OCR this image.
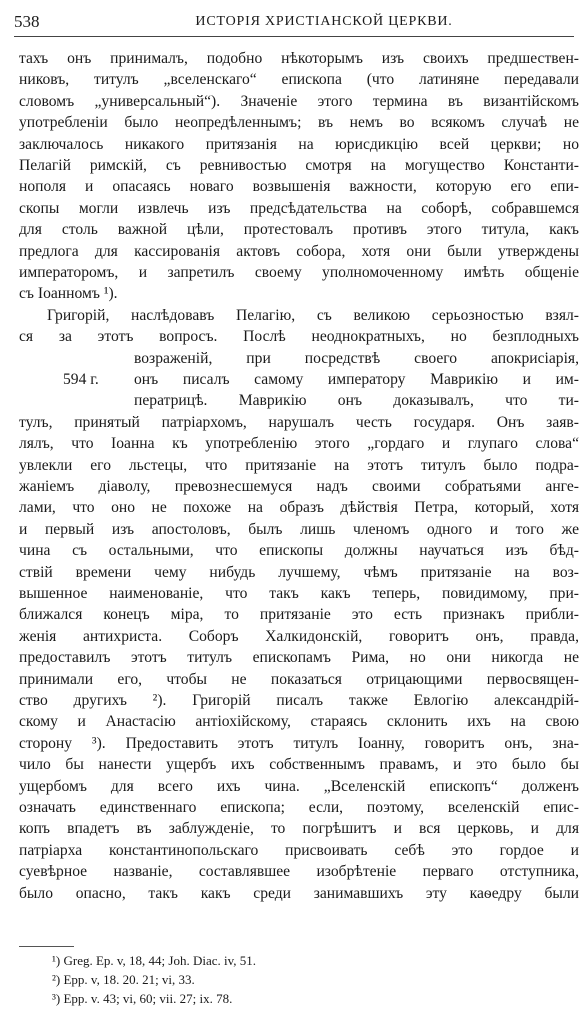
538	ИСТОРІЯ ХРИСТІАНСКОЙ ЦЕРКВИ.
тахъ онъ принималъ, подобно нѣкоторымъ изъ своихъ предшествен-
никовъ, титулъ „вселенскаго“ епископа (что латиняне передавали
словомъ „универсальный“). Значеніе этого термина въ византійскомъ
употребленіи было неопредѣленнымъ; въ немъ во всякомъ случаѣ не
заключалось никакого притязанія на юрисдикцію всей церкви; но
Пелагій римскій, съ ревнивостью смотря на могущество Константи-
нополя и опасаясь новаго возвышенія важности, которую его епи-
скопы могли извлечь изъ предсѣдательства на соборѣ, собравшемся
для столь важной цѣли, протестовалъ противъ этого титула, какъ
предлога для кассированія актовъ собора, хотя они были утверждены
императоромъ, и запретилъ своему уполномоченному имѣть общеніе
съ Іоанномъ ¹).
Григорій, наслѣдовавъ Пелагію, съ великою серьозностью взял-
ся за этотъ вопросъ. Послѣ неоднократныхъ, но безплодныхъ
возраженій, при посредствѣ своего апокрисіарія,
онъ писалъ самому императору Маврикію и им-
ператрицѣ. Маврикію онъ доказывалъ, что ти-
тулъ, принятый патріархомъ, нарушалъ честь государя. Онъ заяв-
лялъ, что Іоанна къ употребленію этого „гордаго и глупаго слова“
увлекли его льстецы, что притязаніе на этотъ титулъ было подра-
жаніемъ діаволу, превознесшемуся надъ своими собратьями анге-
лами, что оно не похоже на образъ дѣйствія Петра, который, хотя
и первый изъ апостоловъ, былъ лишь членомъ одного и того же
чина съ остальными, что епископы должны научаться изъ бѣд-
ствій времени чему нибудь лучшему, чѣмъ притязаніе на воз-
вышенное наименованіе, что такъ какъ теперь, повидимому, при-
ближался конецъ міра, то притязаніе это есть признакъ прибли-
женія антихриста. Соборъ Халкидонскій, говоритъ онъ, правда,
предоставилъ этотъ титулъ епископамъ Рима, но они никогда не
принимали его, чтобы не показаться отрицающими первосвящен-
ство другихъ ²). Григорій писалъ также Евлогію александрій-
скому и Анастасію антіохійскому, стараясь склонить ихъ на свою
сторону ³). Предоставить этотъ титулъ Іоанну, говоритъ онъ, зна-
чило бы нанести ущербъ ихъ собственнымъ правамъ, и это было бы
ущербомъ для всего ихъ чина. „Вселенскій епископъ“ долженъ
означать единственнаго епископа; если, поэтому, вселенскій епис-
копъ впадетъ въ заблужденіе, то погрѣшитъ и вся церковь, и для
патріарха константинопольскаго присвоивать себѣ это гордое и
суевѣрное названіе, составлявшее изобрѣтеніе перваго отступника,
было опасно, такъ какъ среди занимавшихъ эту каѳедру были
594 г.
¹) Greg. Ep. v, 18, 44; Joh. Diac. iv, 51.
²) Epp. v, 18. 20. 21; vi, 33.
³) Epp. v. 43; vi, 60; vii. 27; ix. 78.
